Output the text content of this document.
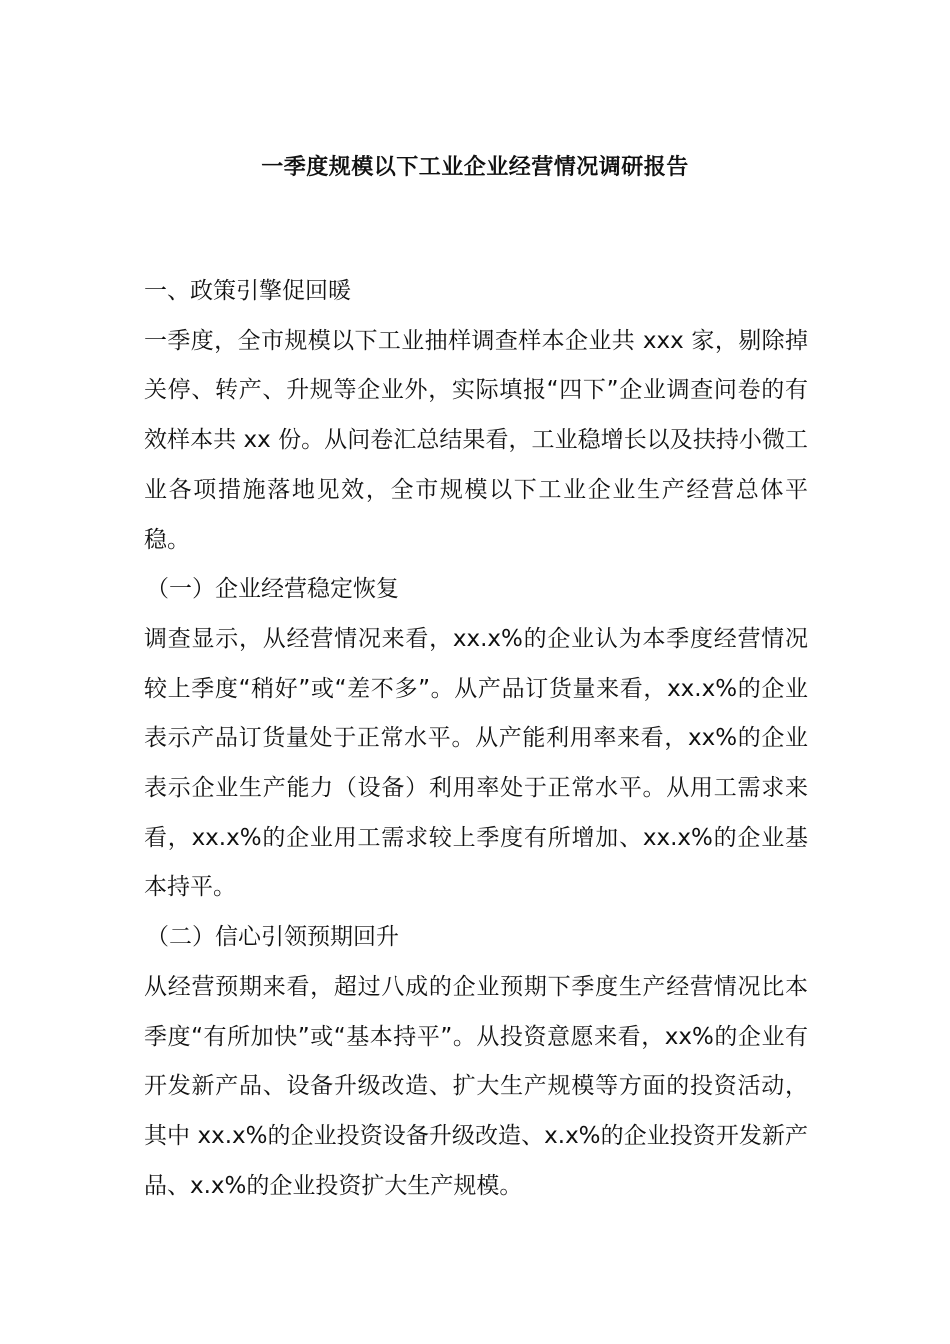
一季度规模以下工业企业经营情况调研报告

一、政策引擎促回暖

一季度，全市规模以下工业抽样调查样本企业共 xxx 家，剔除掉关停、转产、升规等企业外，实际填报“四下”企业调查问卷的有效样本共 xx 份。从问卷汇总结果看，工业稳增长以及扶持小微工业各项措施落地见效，全市规模以下工业企业生产经营总体平稳。

（一）企业经营稳定恢复

调查显示，从经营情况来看，xx.x%的企业认为本季度经营情况较上季度“稍好”或“差不多”。从产品订货量来看，xx.x%的企业表示产品订货量处于正常水平。从产能利用率来看，xx%的企业表示企业生产能力（设备）利用率处于正常水平。从用工需求来看，xx.x%的企业用工需求较上季度有所增加、xx.x%的企业基本持平。

（二）信心引领预期回升

从经营预期来看，超过八成的企业预期下季度生产经营情况比本季度“有所加快”或“基本持平”。从投资意愿来看，xx%的企业有开发新产品、设备升级改造、扩大生产规模等方面的投资活动，其中 xx.x%的企业投资设备升级改造、x.x%的企业投资开发新产品、x.x%的企业投资扩大生产规模。
